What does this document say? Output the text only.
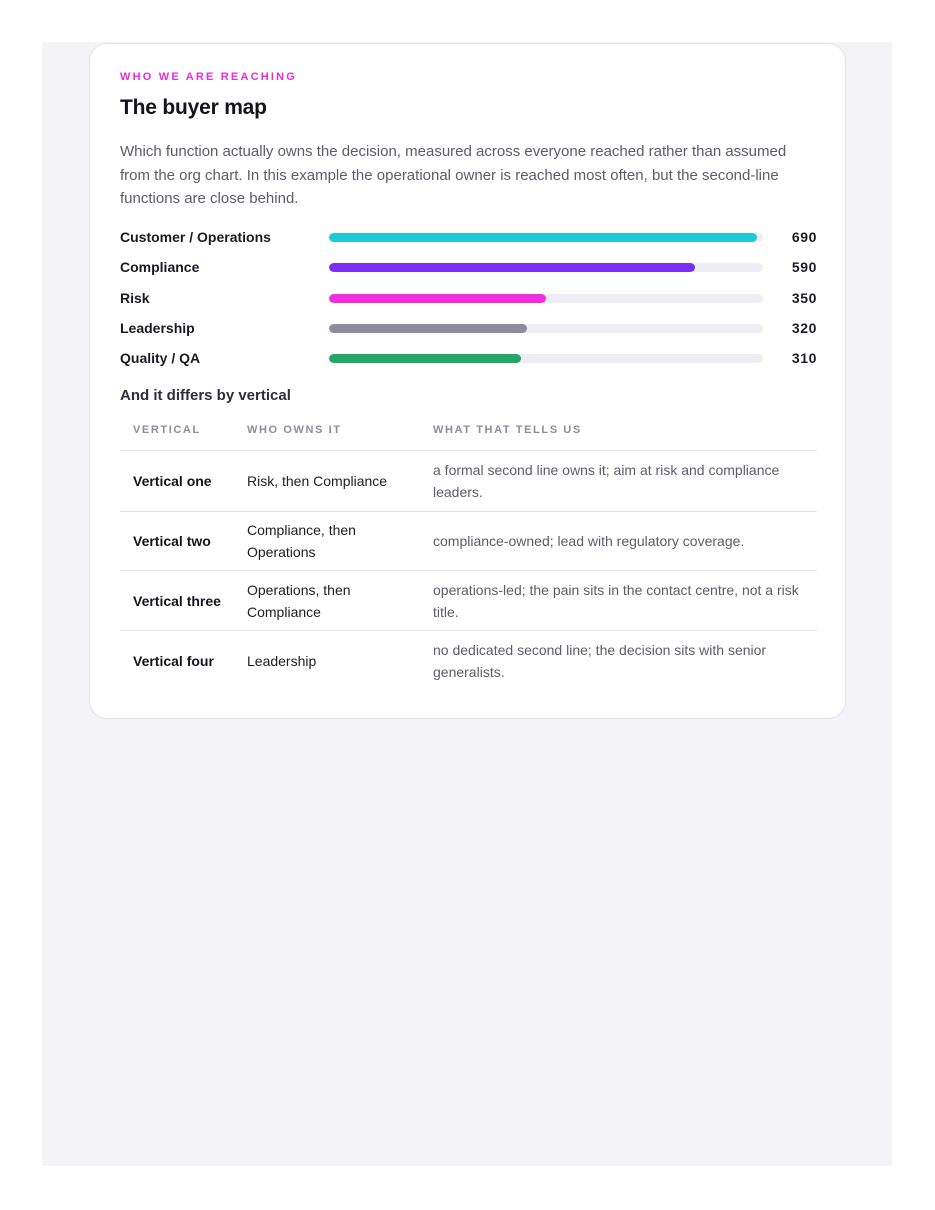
WHO WE ARE REACHING
The buyer map
Which function actually owns the decision, measured across everyone reached rather than assumed from the org chart. In this example the operational owner is reached most often, but the second-line functions are close behind.
Customer / Operations	690
Compliance	590
Risk	350
Leadership	320
Quality / QA	310
And it differs by vertical
VERTICAL	WHO OWNS IT	WHAT THAT TELLS US
Vertical one	Risk, then Compliance	a formal second line owns it; aim at risk and compliance leaders.
Vertical two	Compliance, then Operations	compliance-owned; lead with regulatory coverage.
Vertical three	Operations, then Compliance	operations-led; the pain sits in the contact centre, not a risk title.
Vertical four	Leadership	no dedicated second line; the decision sits with senior generalists.
